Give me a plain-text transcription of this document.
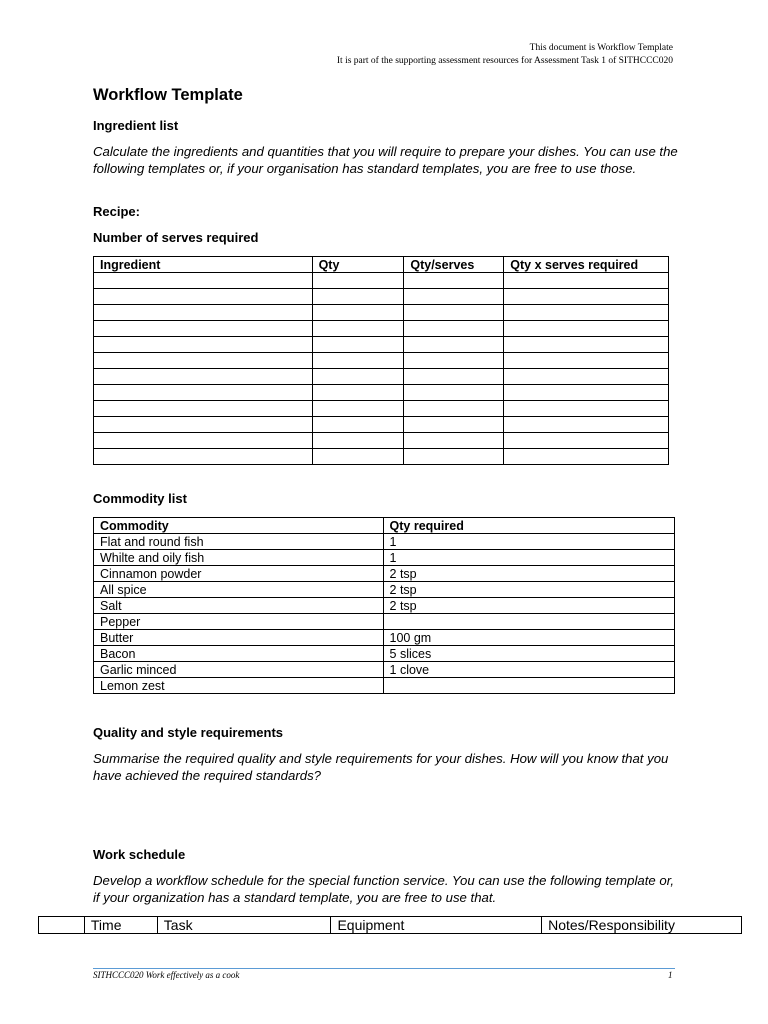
This document is Workflow Template
It is part of the supporting assessment resources for Assessment Task 1 of SITHCCC020
Workflow Template
Ingredient list
Calculate the ingredients and quantities that you will require to prepare your dishes. You can use the following templates or, if your organisation has standard templates, you are free to use those.
Recipe:
Number of serves required
Ingredient	Qty	Qty/serves	Qty x serves required

Commodity list
Commodity	Qty required
Flat and round fish	1
Whilte and oily fish	1
Cinnamon powder	2 tsp
All spice	2 tsp
Salt	2 tsp
Pepper	
Butter	100 gm
Bacon	5 slices
Garlic minced	1 clove
Lemon zest	
Quality and style requirements
Summarise the required quality and style requirements for your dishes. How will you know that you have achieved the required standards?
Work schedule
Develop a workflow schedule for the special function service. You can use the following template or, if your organization has a standard template, you are free to use that.
	Time	Task	Equipment	Notes/Responsibility
SITHCCC020 Work effectively as a cook	1
